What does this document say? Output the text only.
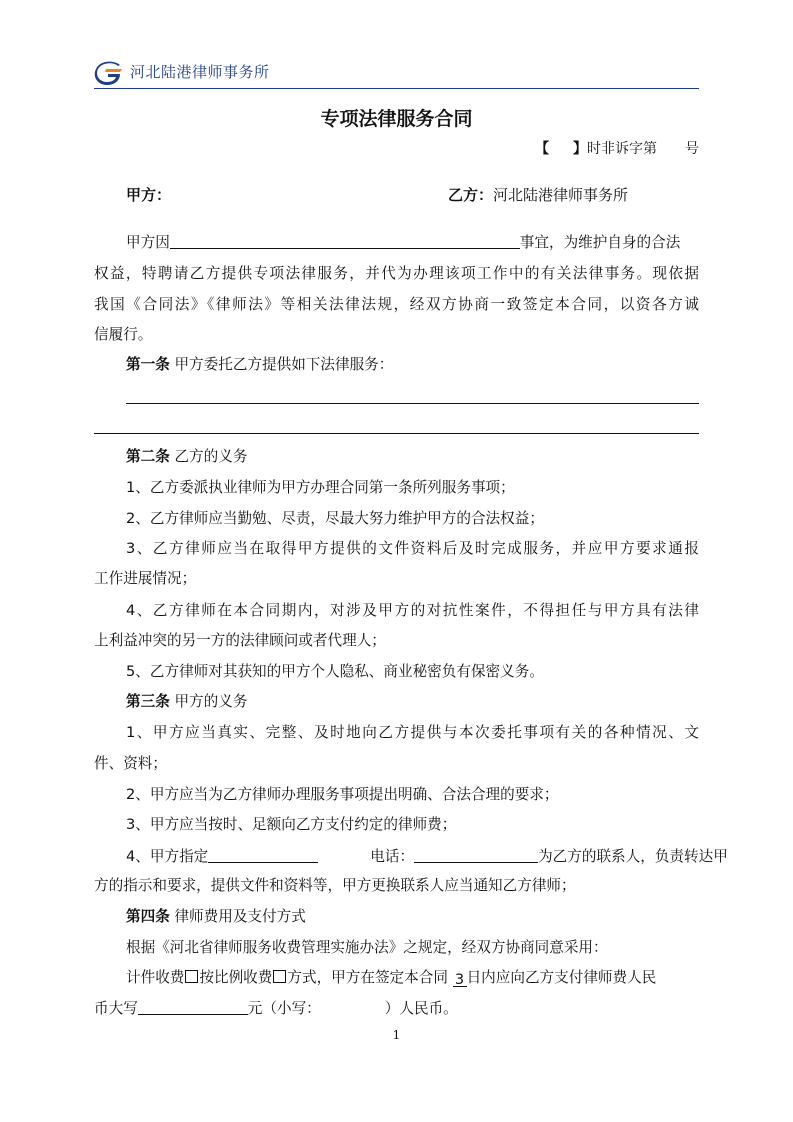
河北陆港律师事务所
专项法律服务合同
【 】时非诉字第 号
甲方：	乙方：河北陆港律师事务所
甲方因	事宜，为维护自身的合法
权益，特聘请乙方提供专项法律服务，并代为办理该项工作中的有关法律事务。现依据
我国《合同法》《律师法》等相关法律法规，经双方协商一致签定本合同，以资各方诚
信履行。
第一条 甲方委托乙方提供如下法律服务：
第二条 乙方的义务
1、乙方委派执业律师为甲方办理合同第一条所列服务事项；
2、乙方律师应当勤勉、尽责，尽最大努力维护甲方的合法权益；
3、乙方律师应当在取得甲方提供的文件资料后及时完成服务，并应甲方要求通报
工作进展情况；
4、乙方律师在本合同期内，对涉及甲方的对抗性案件，不得担任与甲方具有法律
上利益冲突的另一方的法律顾问或者代理人；
5、乙方律师对其获知的甲方个人隐私、商业秘密负有保密义务。
第三条 甲方的义务
1、甲方应当真实、完整、及时地向乙方提供与本次委托事项有关的各种情况、文
件、资料；
2、甲方应当为乙方律师办理服务事项提出明确、合法合理的要求；
3、甲方应当按时、足额向乙方支付约定的律师费；
4、甲方指定	电话：	为乙方的联系人，负责转达甲
方的指示和要求，提供文件和资料等，甲方更换联系人应当通知乙方律师；
第四条 律师费用及支付方式
根据《河北省律师服务收费管理实施办法》之规定，经双方协商同意采用：
计件收费 按比例收费 方式，甲方在签定本合同 3 日内应向乙方支付律师费人民
币大写	元（小写：	）人民币。
1
